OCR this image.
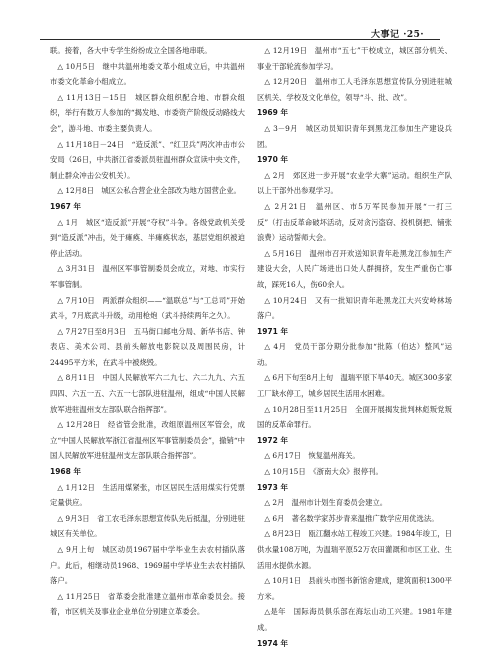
大事记 ·25·

联。接着，各大中专学生纷纷成立全国各地串联。

△ 10月5日　继中共温州地委文革小组成立后，中共温州市委文化革命小组成立。

△ 11月13日－15日　城区群众组织配合地、市群众组织，举行有数万人参加的“揭发地、市委资产阶级反动路线大会”，游斗地、市委主要负责人。

△ 11月18日－24日　“造反派”、“红卫兵”两次冲击市公安局（26日，中共浙江省委派员驻温州群众宣读中央文件，制止群众冲击公安机关）。

△ 12月8日　城区公私合营企业全部改为地方国营企业。

1967 年

△ 1月　城区“造反派”开展“夺权”斗争。各级党政机关受到“造反派”冲击，处于瘫痪、半瘫痪状态，基层党组织被迫停止活动。

△ 3月31日　温州区军事管制委员会成立，对地、市实行军事管制。

△ 7月10日　两派群众组织——“温联总”与“工总司”开始武斗，7月底武斗升级，动用枪炮（武斗持续两年之久）。

△ 7月27日至8月3日　五马街口邮电分局、新华书店、钟表店、美术公司、县前头解放电影院以及周围民房，计24495平方米，在武斗中被烧毁。

△ 8月11日　中国人民解放军六二九七、六二九九、六五四四、六五一五、六五一七部队进驻温州，组成“中国人民解放军进驻温州支左部队联合指挥部”。

△ 12月28日　经省管会批准，改组原温州区军管会，成立“中国人民解放军浙江省温州区军事管制委员会”，撤销“中国人民解放军进驻温州支左部队联合指挥部”。

1968 年

△ 1月12日　生活用煤紧张，市区居民生活用煤实行凭票定量供应。

△ 9月3日　省工农毛泽东思想宣传队先后抵温，分别进驻城区有关单位。

△ 9月上旬　城区动员1967届中学毕业生去农村插队落户。此后，相继动员1968、1969届中学毕业生去农村插队落户。

△ 11月25日　省革委会批准建立温州市革命委员会。接着，市区机关及事业企业单位分别建立革委会。

△ 12月19日　温州市“五七”干校成立，城区部分机关、事业干部轮流参加学习。

△ 12月20日　温州市工人毛泽东思想宣传队分别进驻城区机关、学校及文化单位，领导“斗、批、改”。

1969 年

△ 3－9月　城区动员知识青年到黑龙江参加生产建设兵团。

1970 年

△ 2月　郊区进一步开展“农业学大寨”运动。组织生产队以上干部外出参观学习。

△ 2月21日　温州区、市5万军民参加开展“一打三反”（打击反革命破坏活动，反对贪污盗窃、投机倒把、铺张浪费）运动誓师大会。

△ 5月16日　温州市召开欢送知识青年赴黑龙江参加生产建设大会，人民广场进出口处人群拥挤，发生严重伤亡事故，踩死16人，伤60余人。

△ 10月24日　又有一批知识青年赴黑龙江大兴安岭林场落户。

1971 年

△ 4月　党员干部分期分批参加“批陈（伯达）整风”运动。

△ 6月下旬至8月上旬　温瑞平原下旱40天。城区300多家工厂缺水停工，城乡居民生活用水困难。

△ 10月28日至11月25日　全面开展揭发批判林彪叛党叛国的反革命罪行。

1972 年

△ 6月17日　恢复温州海关。

△ 10月15日　《浙南大众》报停刊。

1973 年

△ 2月　温州市计划生育委员会建立。

△ 6月　著名数学家苏步青来温推广数学应用优选法。

△ 8月23日　瓯江翻水站工程竣工兴建。1984年竣工，日供水量108万吨，为温瑞平原52万农田灌溉和市区工业、生活用水提供水源。

△ 10月1日　县前头市图书新馆舍建成，建筑面积1300平方米。

△是年　国际海员俱乐部在海坛山动工兴建。1981年建成。

1974 年
